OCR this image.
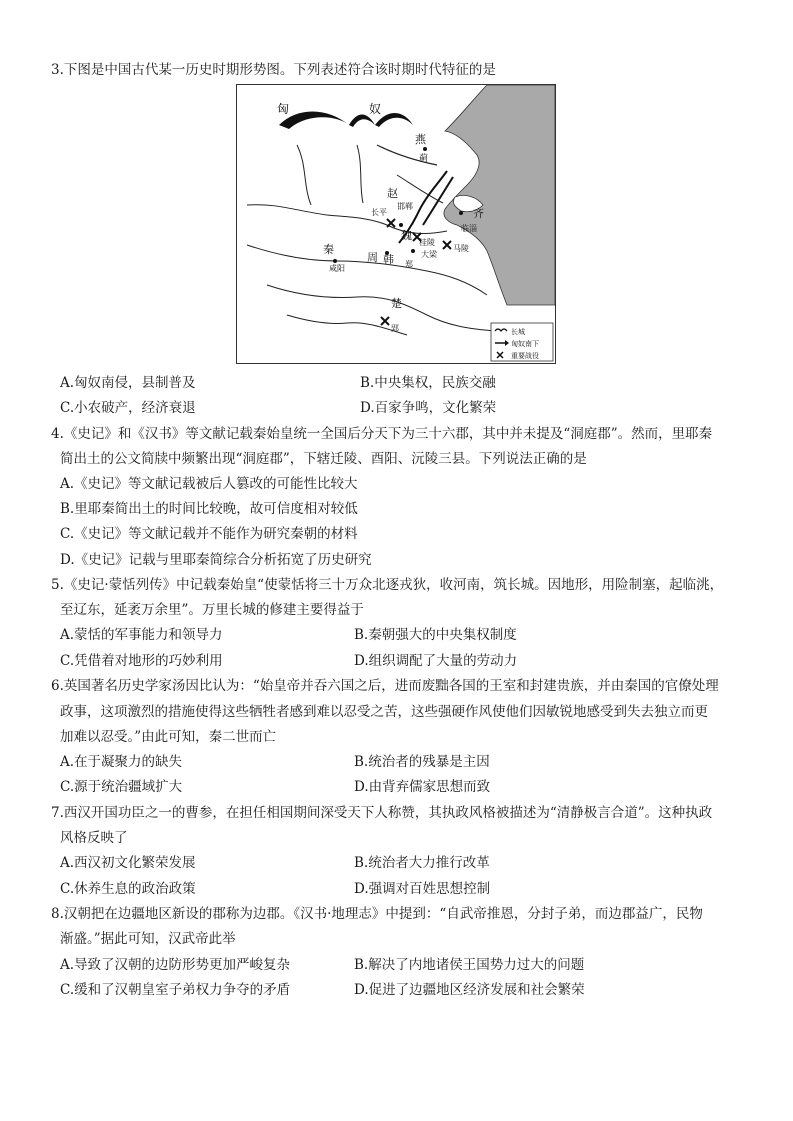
3.下图是中国古代某一历史时期形势图。下列表述符合该时期时代特征的是
匈	奴
燕
蓟
赵
长平
邯郸
齐
临淄
魏
桂陵
大梁
马陵
秦
咸阳
周 韩 郑
楚
郢	长城
匈奴南下
重要战役
A.匈奴南侵，县制普及	B.中央集权，民族交融
C.小农破产，经济衰退	D.百家争鸣，文化繁荣
4.《史记》和《汉书》等文献记载秦始皇统一全国后分天下为三十六郡，其中并未提及“洞庭郡”。然而，里耶秦
简出土的公文简牍中频繁出现“洞庭郡”，下辖迁陵、酉阳、沅陵三县。下列说法正确的是
A.《史记》等文献记载被后人篡改的可能性比较大
B.里耶秦简出土的时间比较晚，故可信度相对较低
C.《史记》等文献记载并不能作为研究秦朝的材料
D.《史记》记载与里耶秦简综合分析拓宽了历史研究
5.《史记·蒙恬列传》中记载秦始皇“使蒙恬将三十万众北逐戎狄，收河南，筑长城。因地形，用险制塞，起临洮，
至辽东，延袤万余里”。万里长城的修建主要得益于
A.蒙恬的军事能力和领导力	B.秦朝强大的中央集权制度
C.凭借着对地形的巧妙利用	D.组织调配了大量的劳动力
6.英国著名历史学家汤因比认为：“始皇帝并吞六国之后，进而废黜各国的王室和封建贵族，并由秦国的官僚处理
政事，这项激烈的措施使得这些牺牲者感到难以忍受之苦，这些强硬作风使他们因敏锐地感受到失去独立而更
加难以忍受。”由此可知，秦二世而亡
A.在于凝聚力的缺失	B.统治者的残暴是主因
C.源于统治疆域扩大	D.由背弃儒家思想而致
7.西汉开国功臣之一的曹参，在担任相国期间深受天下人称赞，其执政风格被描述为“清静极言合道”。这种执政
风格反映了
A.西汉初文化繁荣发展	B.统治者大力推行改革
C.休养生息的政治政策	D.强调对百姓思想控制
8.汉朝把在边疆地区新设的郡称为边郡。《汉书·地理志》中提到：“自武帝推恩，分封子弟，而边郡益广，民物
渐盛。”据此可知，汉武帝此举
A.导致了汉朝的边防形势更加严峻复杂	B.解决了内地诸侯王国势力过大的问题
C.缓和了汉朝皇室子弟权力争夺的矛盾	D.促进了边疆地区经济发展和社会繁荣
